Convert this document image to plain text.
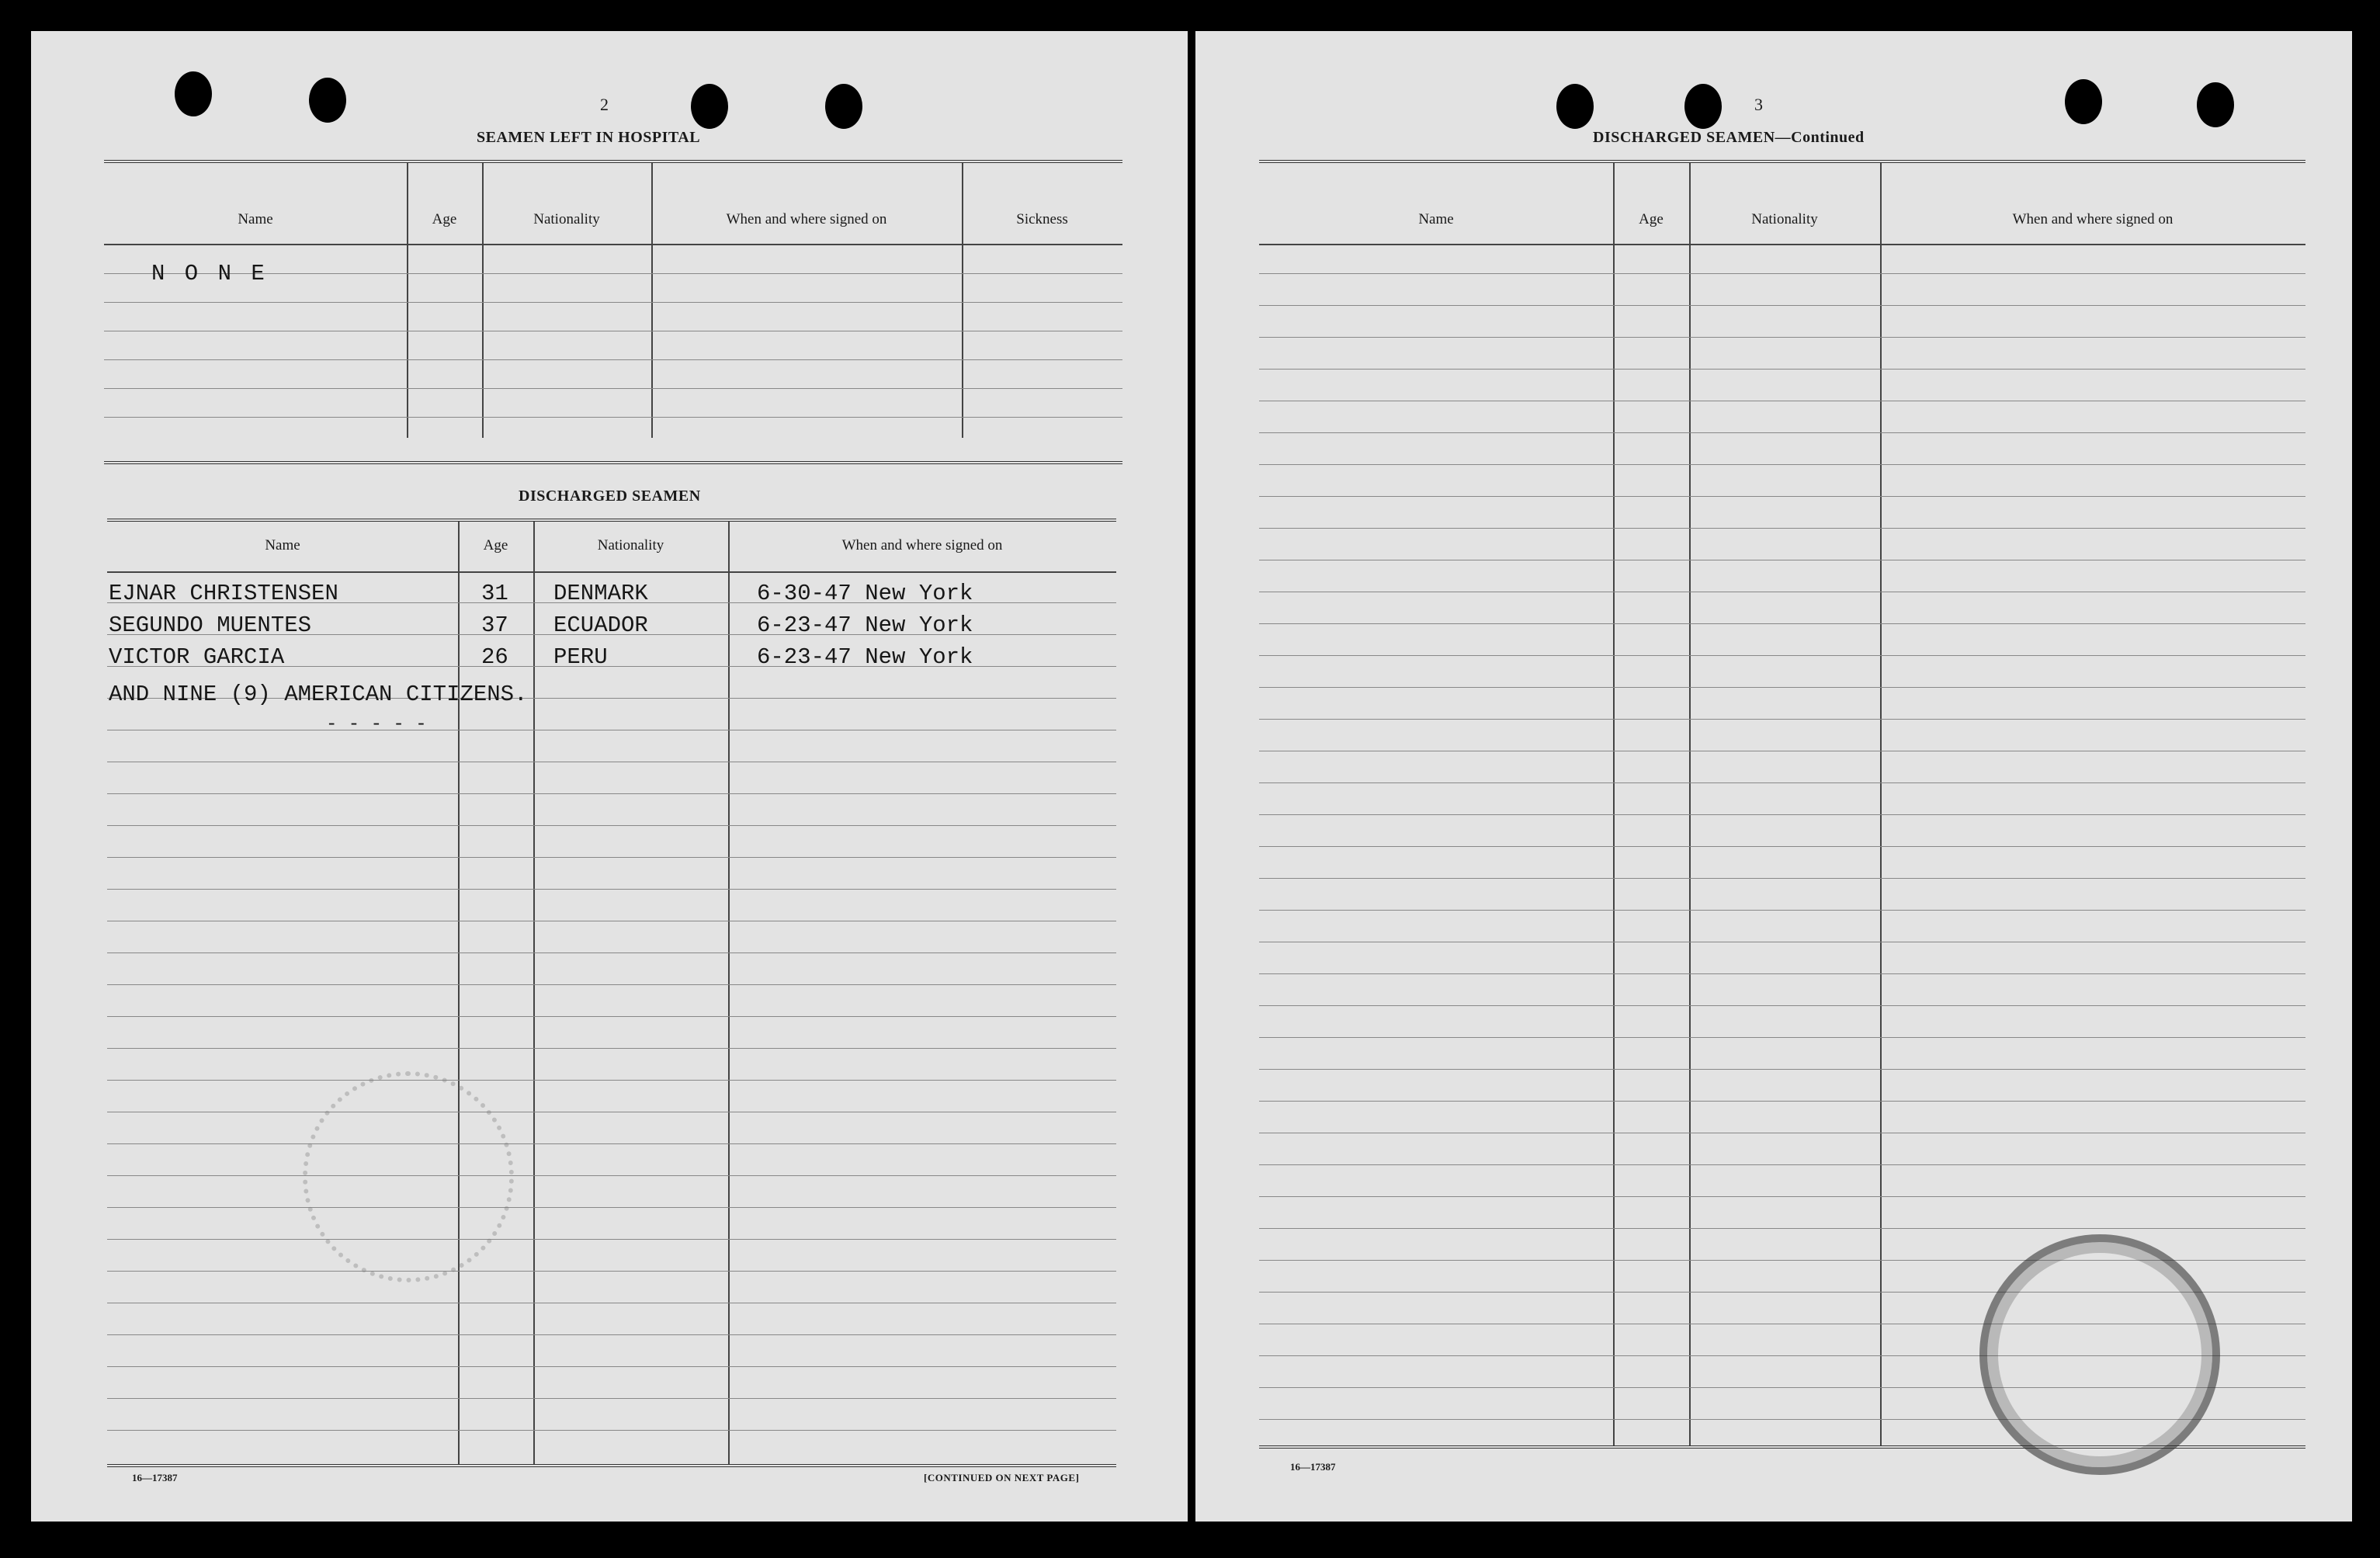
2
SEAMEN LEFT IN HOSPITAL
Name	Age	Nationality	When and where signed on	Sickness
N O N E
DISCHARGED SEAMEN
Name	Age	Nationality	When and where signed on
EJNAR CHRISTENSEN	31 DENMARK	6-30-47 New York
SEGUNDO MUENTES	37 ECUADOR	6-23-47 New York
VICTOR GARCIA	26 PERU	6-23-47 New York
AND NINE (9) AMERICAN CITIZENS.
- - - - -
16—17387	[CONTINUED ON NEXT PAGE]
3
DISCHARGED SEAMEN—Continued
Name	Age	Nationality	When and where signed on
16—17387
